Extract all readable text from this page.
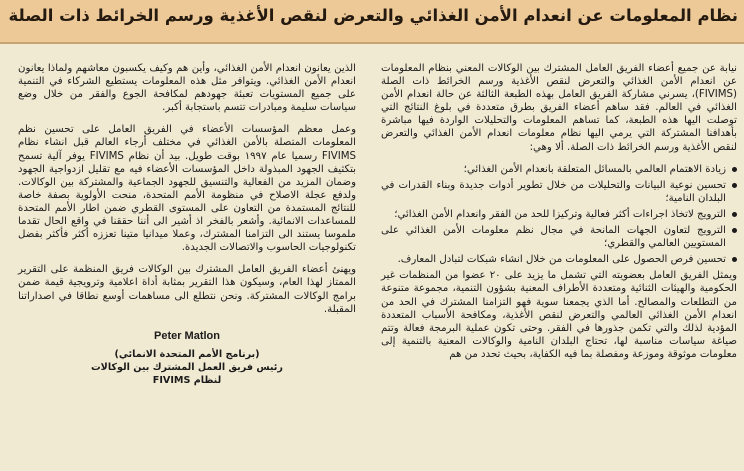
نظام المعلومات عن انعدام الأمن الغذائي والتعرض لنقص الأغذية ورسم الخرائط ذات الصلة

نيابة عن جميع أعضاء الفريق العامل المشترك بين الوكالات المعني بنظام المعلومات عن انعدام الأمن الغذائي والتعرض لنقص الأغذية ورسم الخرائط ذات الصلة (FIVIMS)، يسرني مشاركة الفريق العامل بهذه الطبعة الثالثة عن حالة انعدام الأمن الغذائي في العالم. فقد ساهم أعضاء الفريق بطرق متعددة في بلوغ النتائج التي توصلت اليها هذه الطبعة، كما تساهم المعلومات والتحليلات الواردة فيها مباشرة بأهدافنا المشتركة التي يرمي اليها نظام معلومات انعدام الأمن الغذائي والتعرض لنقص الأغذية ورسم الخرائط ذات الصلة. ألا وهي:

زيادة الاهتمام العالمي بالمسائل المتعلقة بانعدام الأمن الغذائي؛
تحسين نوعية البيانات والتحليلات من خلال تطوير أدوات جديدة وبناء القدرات في البلدان النامية؛
الترويج لاتخاذ اجراءات أكثر فعالية وتركيزا للحد من الفقر وانعدام الأمن الغذائي؛
الترويج لتعاون الجهات المانحة في مجال نظم معلومات الأمن الغذائي على المستويين العالمي والقطري؛
تحسين فرص الحصول على المعلومات من خلال انشاء شبكات لتبادل المعارف.

ويمثل الفريق العامل بعضويته التي تشمل ما يزيد على ٢٠ عضوا من المنظمات غير الحكومية والهيئات الثنائية ومتعددة الأطراف المعنية بشؤون التنمية، مجموعة متنوعة من التطلعات والمصالح. أما الذي يجمعنا سوية فهو التزامنا المشترك في الحد من انعدام الأمن الغذائي العالمي والتعرض لنقص الأغذية، ومكافحة الأسباب المتعددة المؤدية لذلك والتي تكمن جذورها في الفقر. وحتى تكون عملية البرمجة فعالة وتتم صياغة سياسات مناسبة لها، تحتاج البلدان النامية والوكالات المعنية بالتنمية إلى معلومات موثوقة وموزعة ومفصلة بما فيه الكفاية، بحيث تحدد من هم

الذين يعانون انعدام الأمن الغذائي، وأين هم وكيف يكسبون معاشهم ولماذا يعانون انعدام الأمن الغذائي. ويتوافر مثل هذه المعلومات يستطيع الشركاء في التنمية على جميع المستويات تعبئة جهودهم لمكافحة الجوع والفقر من خلال وضع سياسات سليمة ومبادرات تتسم باستجابة أكبر.

وعمل معظم المؤسسات الأعضاء في الفريق العامل على تحسين نظم المعلومات المتصلة بالأمن الغذائي في مختلف أرجاء العالم قبل انشاء نظام FIVIMS رسميا عام ١٩٩٧ بوقت طويل. بيد أن نظام FIVIMS يوفر آلية تسمح بتكثيف الجهود المبذولة داخل المؤسسات الأعضاء فيه مع تقليل ازدواجية الجهود وضمان المزيد من الفعالية والتنسيق للجهود الجماعية والمشتركة بين الوكالات. ولدفع عجلة الاصلاح في منظومة الأمم المتحدة، منحت الأولوية بصفة خاصة للنتائج المستمدة من التعاون على المستوى القطري ضمن اطار الأمم المتحدة للمساعدات الانمائية. وأشعر بالفخر اذ أشير الى أننا حققنا في واقع الحال تقدما ملموسا يستند الى التزامنا المشترك، وعملا ميدانيا متينا تعززه أكثر فأكثر بفضل تكنولوجيات الحاسوب والاتصالات الجديدة.

ويهنئ أعضاء الفريق العامل المشترك بين الوكالات فريق المنظمة على التقرير الممتاز لهذا العام، وسيكون هذا التقرير بمثابة أداة اعلامية وترويجية قيمة ضمن برامج الوكالات المشتركة. ونحن نتطلع الى مساهمات أوسع نطاقا في اصداراتنا المقبلة.

Peter Matlon
(برنامج الأمم المتحدة الانمائي)
رئيس فريق العمل المشترك بين الوكالات
لنظام FIVIMS
